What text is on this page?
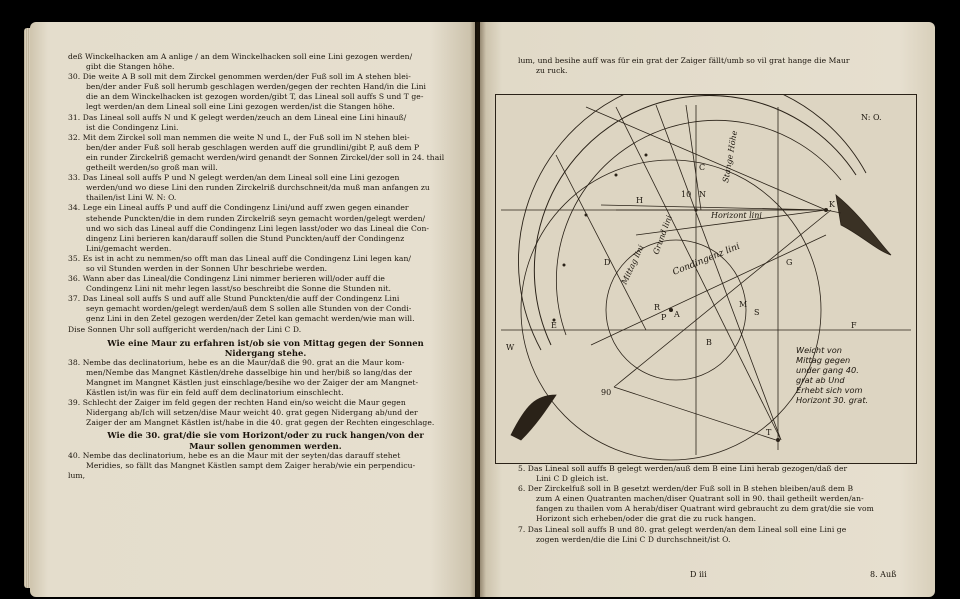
deß Winckelhacken am A anlige / an dem Winckelhacken soll eine Lini gezogen werden/
gibt die Stangen höhe.
30. Die weite A B soll mit dem Zirckel genommen werden/der Fuß soll im A stehen blei-
ben/der ander Fuß soll herumb geschlagen werden/gegen der rechten Hand/in die Lini
die an dem Winckelhacken ist gezogen worden/gibt T, das Lineal soll auffs S und T ge-
legt werden/an dem Lineal soll eine Lini gezogen werden/ist die Stangen höhe.
31. Das Lineal soll auffs N und K gelegt werden/zeuch an dem Lineal eine Lini hinauß/
ist die Condingenz Lini.
32. Mit dem Zirckel soll man nemmen die weite N und L, der Fuß soll im N stehen blei-
ben/der ander Fuß soll herab geschlagen werden auff die grundlini/gibt P, auß dem P
ein runder Zirckelriß gemacht werden/wird genandt der Sonnen Zirckel/der soll in 24. thail
getheilt werden/so groß man will.
33. Das Lineal soll auffs P und N gelegt werden/an dem Lineal soll eine Lini gezogen
werden/und wo diese Lini den runden Zirckelriß durchschneit/da muß man anfangen zu
thailen/ist Lini W. N: O.
34. Lege ein Lineal auffs P und auff die Condingenz Lini/und auff zwen gegen einander
stehende Punckten/die in dem runden Zirckelriß seyn gemacht worden/gelegt werden/
und wo sich das Lineal auff die Condingenz Lini legen lasst/oder wo das Lineal die Con-
dingenz Lini berieren kan/darauff sollen die Stund Punckten/auff der Condingenz
Lini/gemacht werden.
35. Es ist in acht zu nemmen/so offt man das Lineal auff die Condingenz Lini legen kan/
so vil Stunden werden in der Sonnen Uhr beschriebe werden.
36. Wann aber das Lineal/die Condingenz Lini nimmer berieren will/oder auff die
Condingenz Lini nit mehr legen lasst/so beschreibt die Sonne die Stunden nit.
37. Das Lineal soll auffs S und auff alle Stund Punckten/die auff der Condingenz Lini
seyn gemacht worden/gelegt werden/auß dem S sollen alle Stunden von der Condi-
genz Lini in den Zetel gezogen werden/der Zetel kan gemacht werden/wie man will.
Dise Sonnen Uhr soll auffgericht werden/nach der Lini C D.
Wie eine Maur zu erfahren ist/ob sie von Mittag gegen der Sonnen
Nidergang stehe.
38. Nembe das declinatorium, hebe es an die Maur/daß die 90. grat an die Maur kom-
men/Nembe das Mangnet Kästlen/drehe dasselbige hin und her/biß so lang/das der
Mangnet im Mangnet Kästlen just einschlage/besihe wo der Zaiger der am Mangnet-
Kästlen ist/in was für ein feld auff dem declinatorium einschlecht.
39. Schlecht der Zaiger im feld gegen der rechten Hand ein/so weicht die Maur gegen
Nidergang ab/Ich will setzen/dise Maur weicht 40. grat gegen Nidergang ab/und der
Zaiger der am Mangnet Kästlen ist/habe in die 40. grat gegen der Rechten eingeschlage.
Wie die 30. grat/die sie vom Horizont/oder zu ruck hangen/von der
Maur sollen genommen werden.
40. Nembe das declinatorium, hebe es an die Maur mit der seyten/das darauff stehet
Meridies, so fällt das Mangnet Kästlen sampt dem Zaiger herab/wie ein perpendicu-
lum,
lum, und besihe auff was für ein grat der Zaiger fällt/umb so vil grat hange die Maur
zu ruck.
N: O.
C
H	K
N
10
D	G
E	F
P A
M
S
R
B
T
90
W
Horizont lini
Stange Höhe
Condingenz lini
Grund lini
Mittag lini
Weicht von
Mittag gegen
under gang 40.
grat ab Und
Erhebt sich vom
Horizont 30. grat.
5. Das Lineal soll auffs B gelegt werden/auß dem B eine Lini herab gezogen/daß der
Lini C D gleich ist.
6. Der Zirckelfuß soll in B gesetzt werden/der Fuß soll in B stehen bleiben/auß dem B
zum A einen Quatranten machen/diser Quatrant soll in 90. thail getheilt werden/an-
fangen zu thailen vom A herab/diser Quatrant wird gebraucht zu dem grat/die sie vom
Horizont sich erheben/oder die grat die zu ruck hangen.
7. Das Lineal soll auffs B und 80. grat gelegt werden/an dem Lineal soll eine Lini ge
zogen werden/die die Lini C D durchschneit/ist O.
D iii	8. Auß
